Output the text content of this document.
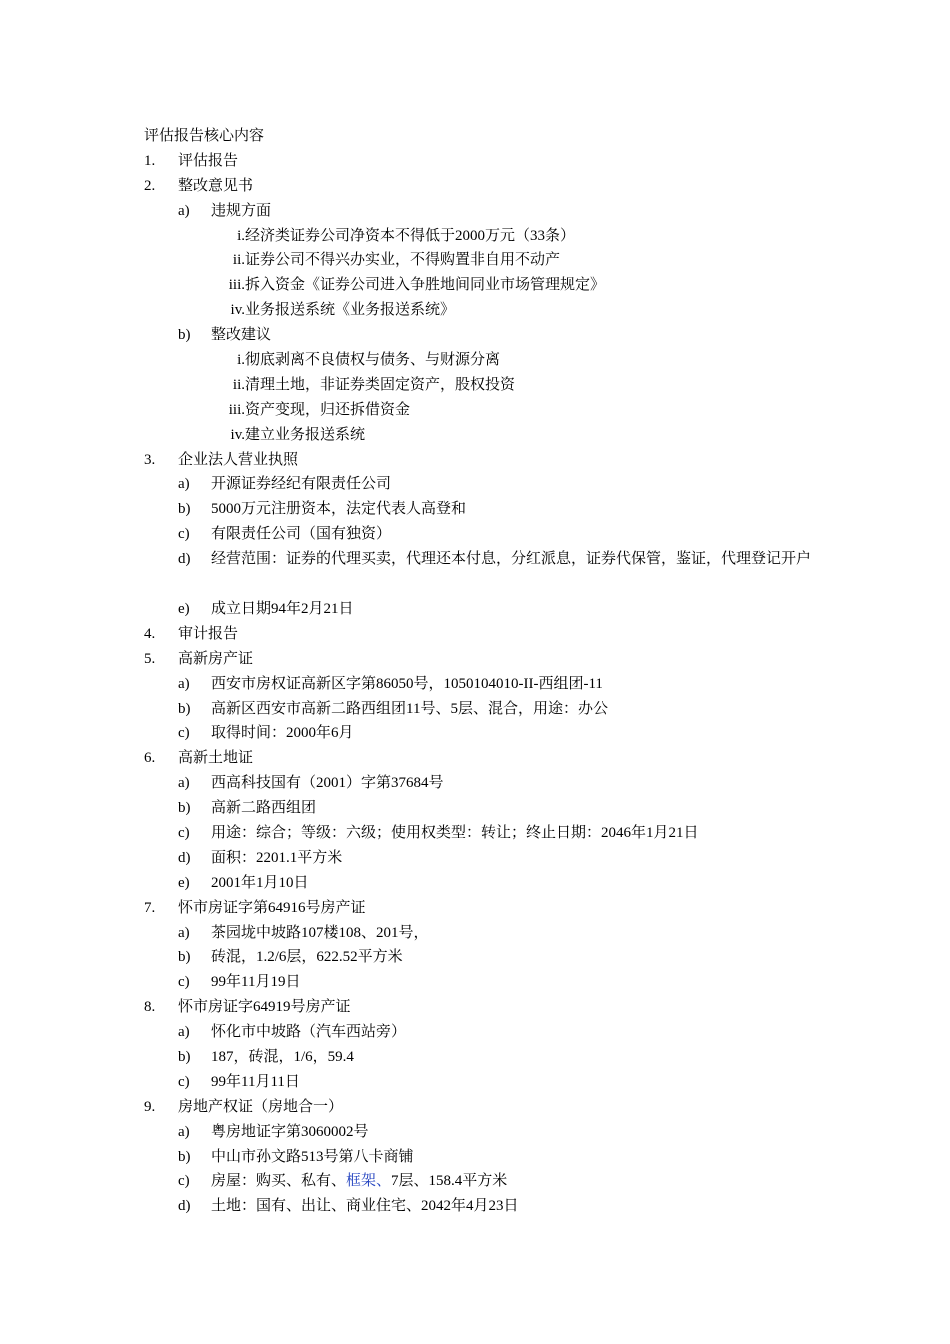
评估报告核心内容
1. 评估报告
2. 整改意见书
a) 违规方面
i. 经济类证券公司净资本不得低于2000万元（33条）
ii. 证券公司不得兴办实业，不得购置非自用不动产
iii. 拆入资金《证券公司进入争胜地间同业市场管理规定》
iv. 业务报送系统《业务报送系统》
b) 整改建议
i. 彻底剥离不良债权与债务、与财源分离
ii. 清理土地，非证券类固定资产，股权投资
iii. 资产变现，归还拆借资金
iv. 建立业务报送系统
3. 企业法人营业执照
a) 开源证券经纪有限责任公司
b) 5000万元注册资本，法定代表人高登和
c) 有限责任公司（国有独资）
d) 经营范围：证券的代理买卖，代理还本付息，分红派息，证券代保管，鉴证，代理登记开户
e) 成立日期94年2月21日
4. 审计报告
5. 高新房产证
a) 西安市房权证高新区字第86050号，1050104010-II-西组团-11
b) 高新区西安市高新二路西组团11号、5层、混合，用途：办公
c) 取得时间：2000年6月
6. 高新土地证
a) 西高科技国有（2001）字第37684号
b) 高新二路西组团
c) 用途：综合；等级：六级；使用权类型：转让；终止日期：2046年1月21日
d) 面积：2201.1平方米
e) 2001年1月10日
7. 怀市房证字第64916号房产证
a) 茶园垅中坡路107楼108、201号，
b) 砖混，1.2/6层，622.52平方米
c) 99年11月19日
8. 怀市房证字64919号房产证
a) 怀化市中坡路（汽车西站旁）
b) 187，砖混，1/6，59.4
c) 99年11月11日
9. 房地产权证（房地合一）
a) 粤房地证字第3060002号
b) 中山市孙文路513号第八卡商铺
c) 房屋：购买、私有、框架、7层、158.4平方米
d) 土地：国有、出让、商业住宅、2042年4月23日
